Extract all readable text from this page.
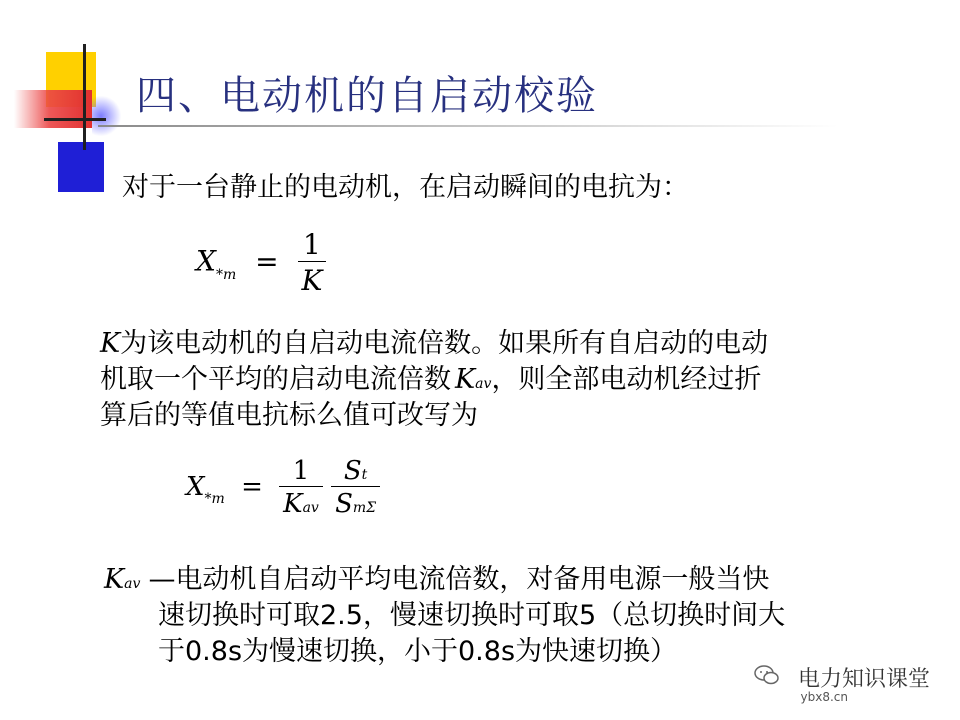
四、电动机的自启动校验
对于一台静止的电动机，在启动瞬间的电抗为：
$X_{*m} = \frac{1}{K}$
K为该电动机的自启动电流倍数。如果所有自启动的电动
机取一个平均的启动电流倍数 Kav，则全部电动机经过折
算后的等值电抗标么值可改写为
$X_{*m} = \frac{1}{\text{Kav}}$
$\frac{St}{\text{SmΣ}}$
Kav —电动机自启动平均电流倍数，对备用电源一般当快
速切换时可取2.5，慢速切换时可取5（总切换时间大
于0.8s为慢速切换，小于0.8s为快速切换）
电力知识课堂
ybx8.cn
